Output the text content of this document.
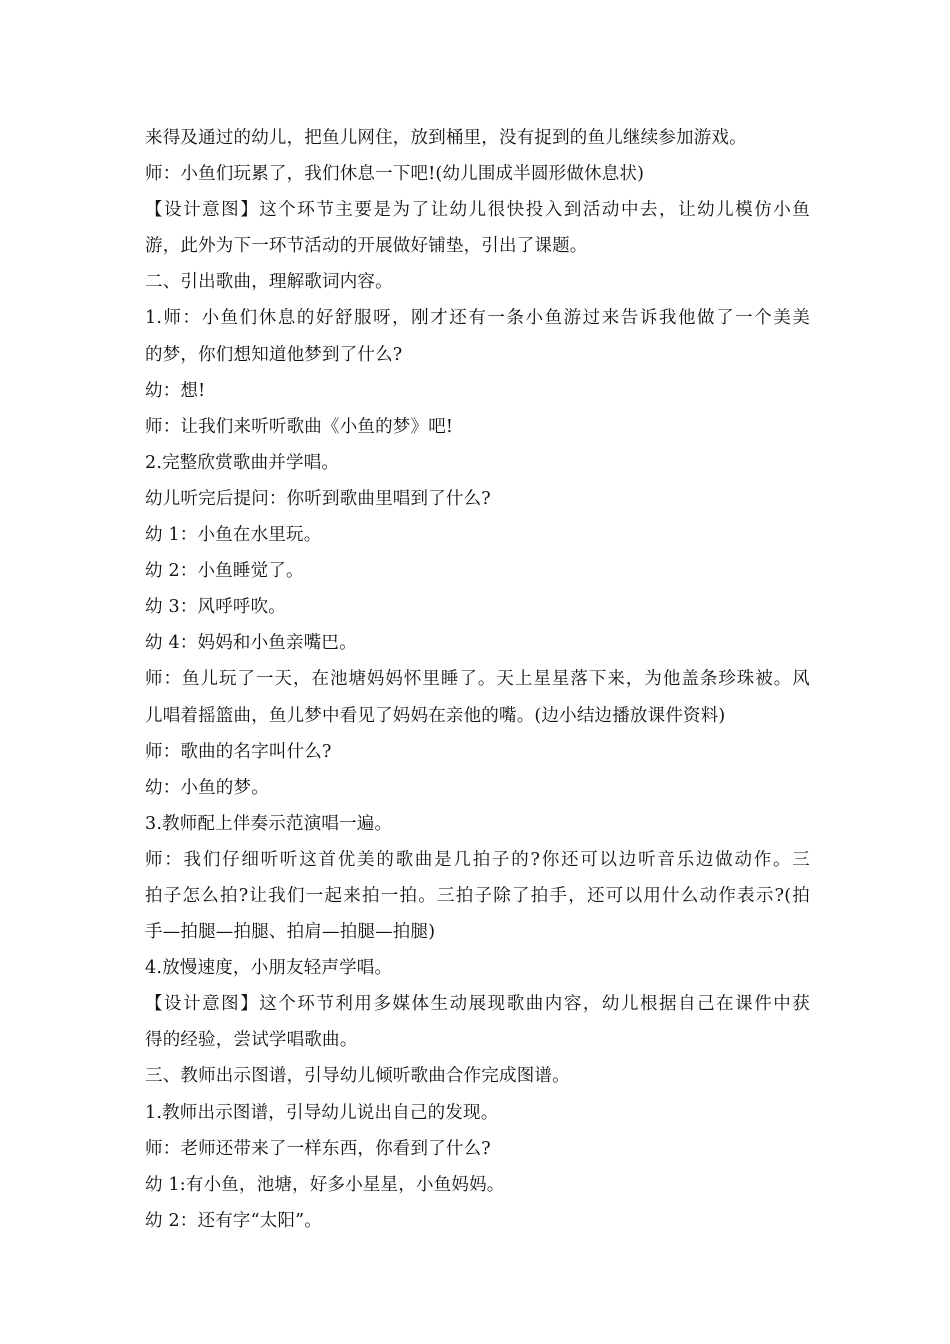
来得及通过的幼儿，把鱼儿网住，放到桶里，没有捉到的鱼儿继续参加游戏。
师：小鱼们玩累了，我们休息一下吧!(幼儿围成半圆形做休息状)
【设计意图】这个环节主要是为了让幼儿很快投入到活动中去，让幼儿模仿小鱼
游，此外为下一环节活动的开展做好铺垫，引出了课题。
二、引出歌曲，理解歌词内容。
1.师：小鱼们休息的好舒服呀，刚才还有一条小鱼游过来告诉我他做了一个美美
的梦，你们想知道他梦到了什么?
幼：想!
师：让我们来听听歌曲《小鱼的梦》吧!
2.完整欣赏歌曲并学唱。
幼儿听完后提问：你听到歌曲里唱到了什么?
幼 1：小鱼在水里玩。
幼 2：小鱼睡觉了。
幼 3：风呼呼吹。
幼 4：妈妈和小鱼亲嘴巴。
师：鱼儿玩了一天，在池塘妈妈怀里睡了。天上星星落下来，为他盖条珍珠被。风
儿唱着摇篮曲，鱼儿梦中看见了妈妈在亲他的嘴。(边小结边播放课件资料)
师：歌曲的名字叫什么?
幼：小鱼的梦。
3.教师配上伴奏示范演唱一遍。
师：我们仔细听听这首优美的歌曲是几拍子的?你还可以边听音乐边做动作。三
拍子怎么拍?让我们一起来拍一拍。三拍子除了拍手，还可以用什么动作表示?(拍
手—拍腿—拍腿、拍肩—拍腿—拍腿)
4.放慢速度，小朋友轻声学唱。
【设计意图】这个环节利用多媒体生动展现歌曲内容，幼儿根据自己在课件中获
得的经验，尝试学唱歌曲。
三、教师出示图谱，引导幼儿倾听歌曲合作完成图谱。
1.教师出示图谱，引导幼儿说出自己的发现。
师：老师还带来了一样东西，你看到了什么?
幼 1:有小鱼，池塘，好多小星星，小鱼妈妈。
幼 2：还有字“太阳”。
